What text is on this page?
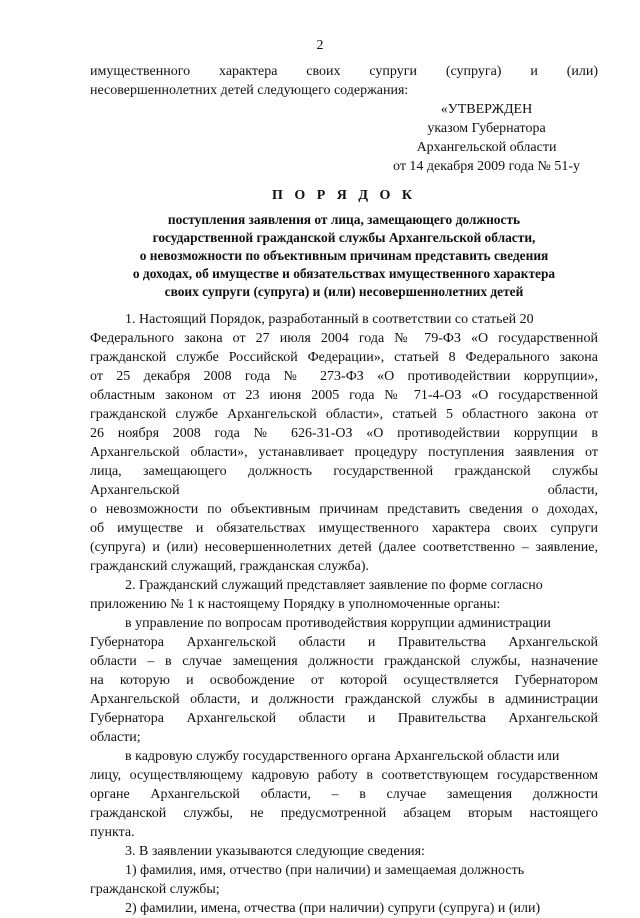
2
имущественного характера своих супруги (супруга) и (или)
несовершеннолетних детей следующего содержания:
«УТВЕРЖДЕН
указом Губернатора
Архангельской области
от 14 декабря 2009 года № 51-у
П О Р Я Д О К
поступления заявления от лица, замещающего должность
государственной гражданской службы Архангельской области,
о невозможности по объективным причинам представить сведения
о доходах, об имуществе и обязательствах имущественного характера
своих супруги (супруга) и (или) несовершеннолетних детей
1. Настоящий Порядок, разработанный в соответствии со статьей 20
Федерального закона от 27 июля 2004 года № 79-ФЗ «О государственной
гражданской службе Российской Федерации», статьей 8 Федерального закона
от 25 декабря 2008 года № 273-ФЗ «О противодействии коррупции»,
областным законом от 23 июня 2005 года № 71-4-ОЗ «О государственной
гражданской службе Архангельской области», статьей 5 областного закона от
26 ноября 2008 года № 626-31-ОЗ «О противодействии коррупции в
Архангельской области», устанавливает процедуру поступления заявления от
лица, замещающего должность государственной гражданской службы
Архангельской области,
о невозможности по объективным причинам представить сведения о доходах,
об имуществе и обязательствах имущественного характера своих супруги
(супруга) и (или) несовершеннолетних детей (далее соответственно – заявление,
гражданский служащий, гражданская служба).
2. Гражданский служащий представляет заявление по форме согласно
приложению № 1 к настоящему Порядку в уполномоченные органы:
в управление по вопросам противодействия коррупции администрации
Губернатора Архангельской области и Правительства Архангельской
области – в случае замещения должности гражданской службы, назначение
на которую и освобождение от которой осуществляется Губернатором
Архангельской области, и должности гражданской службы в администрации
Губернатора Архангельской области и Правительства Архангельской
области;
в кадровую службу государственного органа Архангельской области или
лицу, осуществляющему кадровую работу в соответствующем государственном
органе Архангельской области, – в случае замещения должности
гражданской службы, не предусмотренной абзацем вторым настоящего
пункта.
3. В заявлении указываются следующие сведения:
1) фамилия, имя, отчество (при наличии) и замещаемая должность
гражданской службы;
2) фамилии, имена, отчества (при наличии) супруги (супруга) и (или)
